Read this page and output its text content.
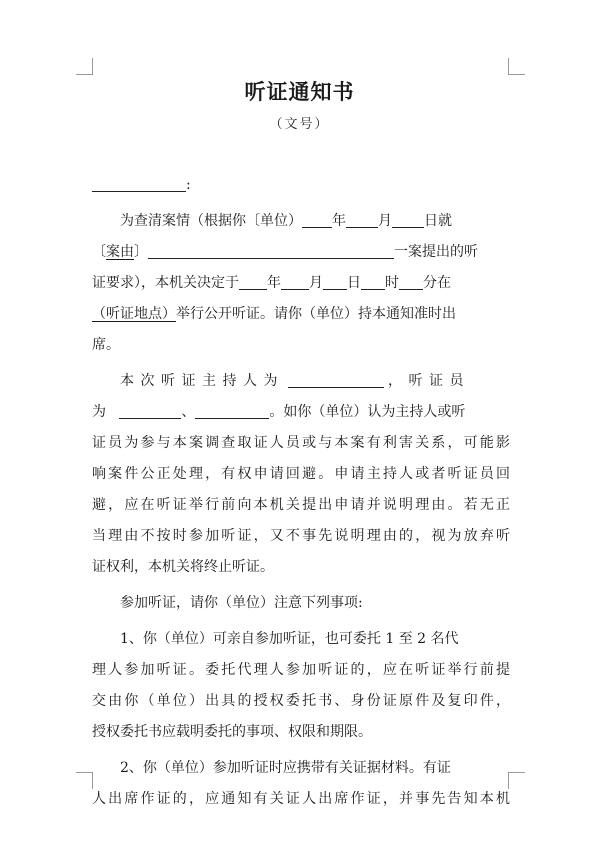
听证通知书
（文号）
:
为查清案情（根据你〔单位） 年 月 日就
〔案由〕	一案提出的听
证要求），本机关决定于 年 月 日 时 分在
（听证地点）举行公开听证。请你（单位）持本通知准时出
席。
本次听证主持人为	，听证员
为	、	。如你（单位）认为主持人或听
证员为参与本案调查取证人员或与本案有利害关系，可能影
响案件公正处理，有权申请回避。申请主持人或者听证员回
避，应在听证举行前向本机关提出申请并说明理由。若无正
当理由不按时参加听证，又不事先说明理由的，视为放弃听
证权利，本机关将终止听证。
参加听证，请你（单位）注意下列事项:
1、你（单位）可亲自参加听证，也可委托 1 至 2 名代
理人参加听证。委托代理人参加听证的，应在听证举行前提
交由你（单位）出具的授权委托书、身份证原件及复印件，
授权委托书应载明委托的事项、权限和期限。
2、你（单位）参加听证时应携带有关证据材料。有证
人出席作证的，应通知有关证人出席作证，并事先告知本机
